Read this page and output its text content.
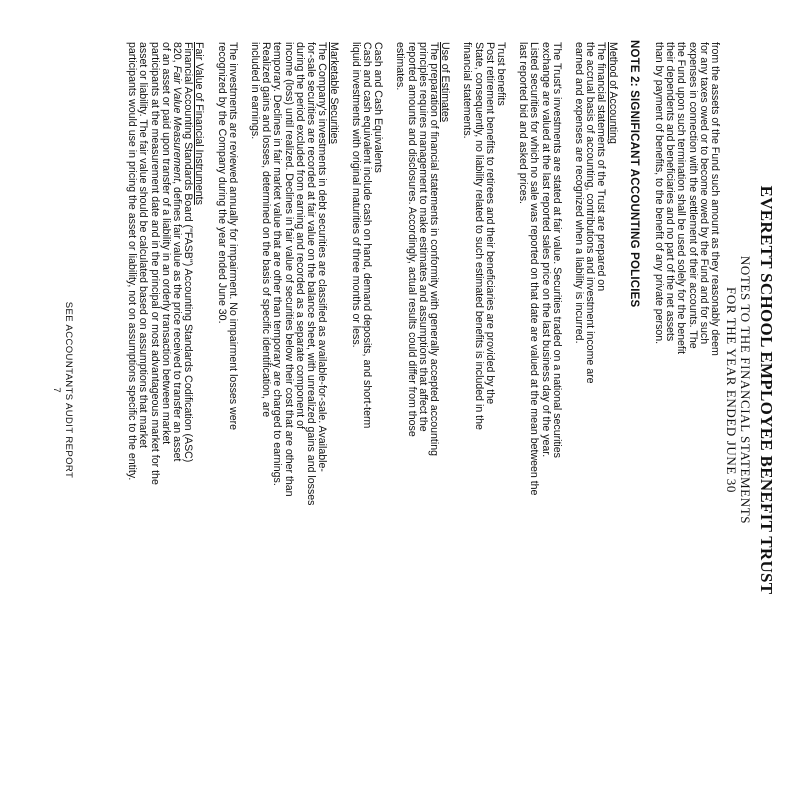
EVERETT SCHOOL EMPLOYEE BENEFIT TRUST
NOTES TO THE FINANCIAL STATEMENTS
FOR THE YEAR ENDED JUNE 30
from the assets of the Fund such amount as they reasonably deem
for any taxes owed or to become owed by the Fund and for such
expenses in connection with the settlement of their accounts. The
the Fund upon such termination shall be used solely for the benefit
their dependents and beneficiaries and no part of the net assets
than by payment of benefits, to the benefit of any private person.
NOTE 2: SIGNIFICANT ACCOUNTING POLICIES
Method of Accounting
The financial statements of the Trust are prepared on
the accrual basis of accounting, contributions and investment income are
earned and expenses are recognized when a liability is incurred.
The Trust's investments are stated at fair value. Securities traded on a national securities
exchange are valued at the last reported sales price on the last business day of the year.
Listed securities for which no sale was reported on that date are valued at the mean between the
last reported bid and asked prices.
Trust benefits
Post retirement benefits to retirees and their beneficiaries are provided by the
State, consequently, no liability related to such estimated benefits is included in the
financial statements.
Use of Estimates
The preparation of financial statements in conformity with generally accepted accounting
principles requires management to make estimates and assumptions that affect the
reported amounts and disclosures. Accordingly, actual results could differ from those
estimates.
Cash and Cash Equivalents
Cash and cash equivalent include cash on hand, demand deposits, and short-term
liquid investments with original maturities of three months or less.
Marketable Securities
The Company's investments in debt securities are classified as available-for-sale. Available-
for-sale securities are recorded at fair value on the balance sheet, with unrealized gains and losses
during the period excluded from earning and recorded as a separate component of
income (loss) until realized. Declines in fair value of securities below their cost that are other than
temporary. Declines in fair market value that are other than temporary are charged to earnings.
Realized gains and losses, determined on the basis of specific identification, are
included in earnings.
The investments are reviewed annually for impairment. No impairment losses were
recognized by the Company during the year ended June 30.
Fair Value of Financial Instruments
Financial Accounting Standards Board ("FASB") Accounting Standards Codification (ASC)
820, Fair Value Measurement, defines fair value as the price received to transfer an asset
of an asset or paid upon transfer of a liability in an orderly transaction between market
participants at the measurement date and in the principal or most advantageous market for the
asset or liability. The fair value should be calculated based on assumptions that market
participants would use in pricing the asset or liability, not on assumptions specific to the entity.
SEE ACCOUNTANTS AUDIT REPORT
7
